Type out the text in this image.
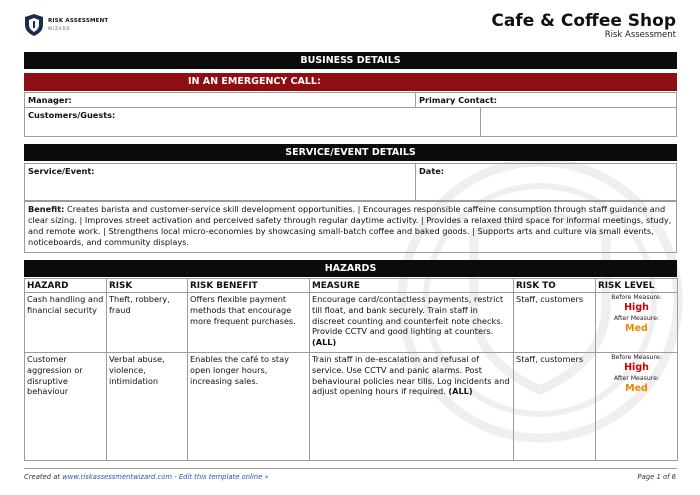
RISK ASSESSMENT
WIZARD	Cafe & Coffee Shop
Risk Assessment
BUSINESS DETAILS
IN AN EMERGENCY CALL:
Manager:	Primary Contact:
Customers/Guests:
SERVICE/EVENT DETAILS
Service/Event:	Date:
Benefit: Creates barista and customer-service skill development opportunities. | Encourages responsible caffeine consumption through staff guidance and clear sizing. | Improves street activation and perceived safety through regular daytime activity. | Provides a relaxed third space for informal meetings, study, and remote work. | Strengthens local micro-economies by showcasing small-batch coffee and baked goods. | Supports arts and culture via small events, noticeboards, and community displays.
HAZARDS
HAZARD	RISK	RISK BENEFIT	MEASURE	RISK TO	RISK LEVEL
Cash handling and financial security	Theft, robbery, fraud	Offers flexible payment methods that encourage more frequent purchases.	Encourage card/contactless payments, restrict till float, and bank securely. Train staff in discreet counting and counterfeit note checks. Provide CCTV and good lighting at counters. (ALL)	Staff, customers	Before Measure:
High
After Measure:
Med

Customer aggression or disruptive behaviour	Verbal abuse, violence, intimidation	Enables the café to stay open longer hours, increasing sales.	Train staff in de-escalation and refusal of service. Use CCTV and panic alarms. Post behavioural policies near tills. Log incidents and adjust opening hours if required. (ALL)	Staff, customers	Before Measure:
High
After Measure:
Med
Created at www.riskassessmentwizard.com - Edit this template online »	Page 1 of 6
